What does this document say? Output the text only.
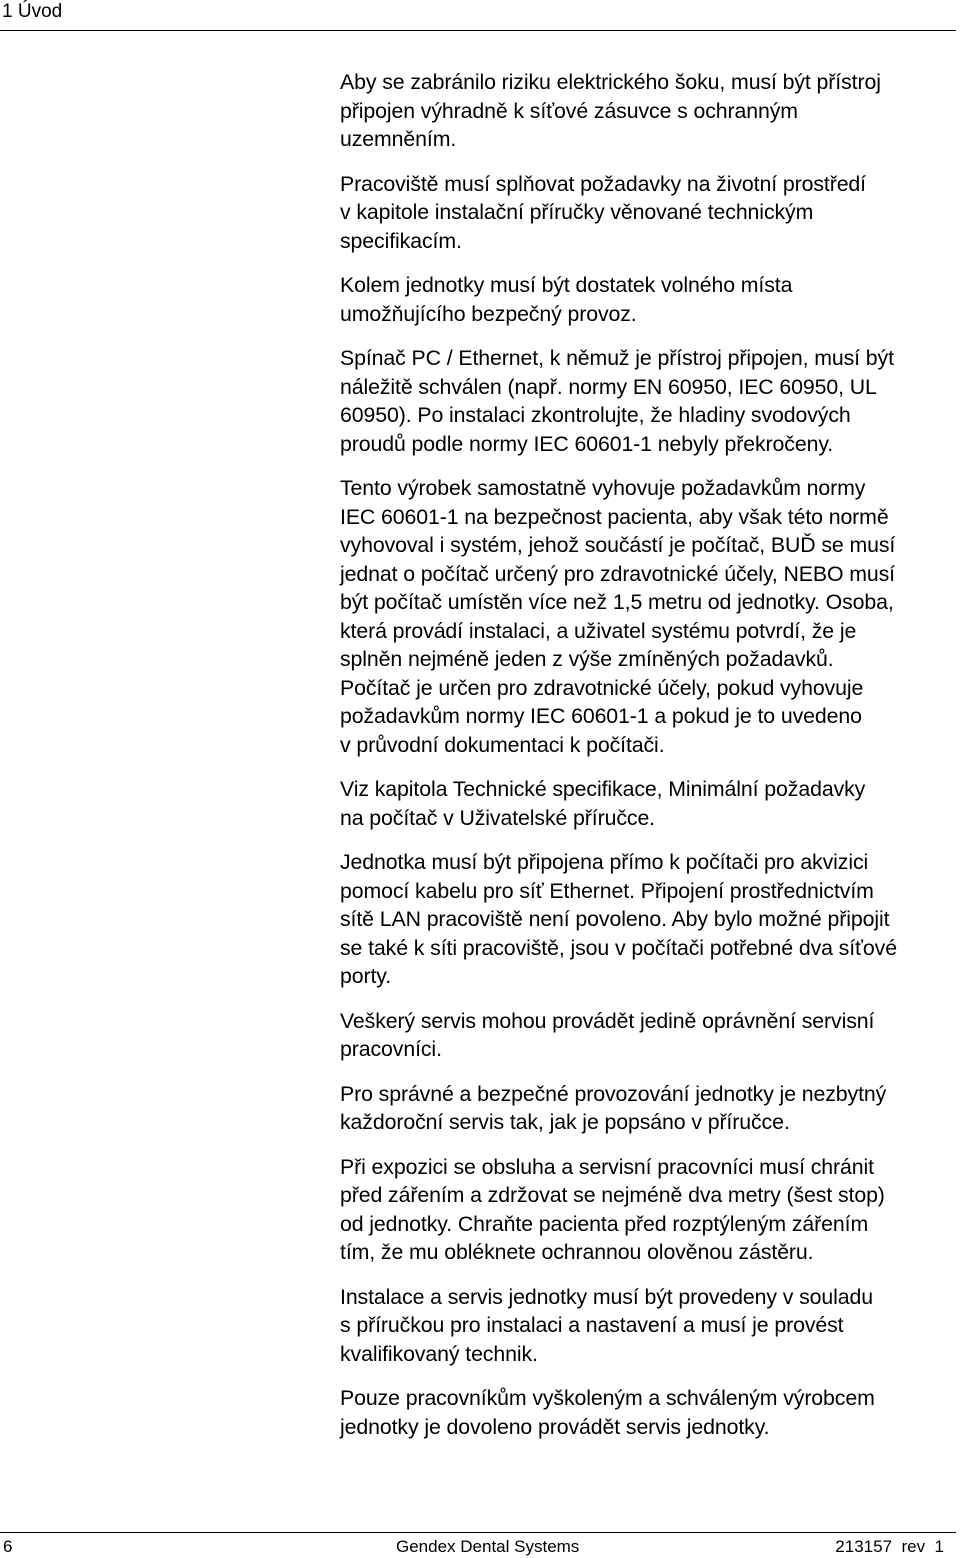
1 Úvod

Aby se zabránilo riziku elektrického šoku, musí být přístroj
připojen výhradně k síťové zásuvce s ochranným
uzemněním.

Pracoviště musí splňovat požadavky na životní prostředí
v kapitole instalační příručky věnované technickým
specifikacím.

Kolem jednotky musí být dostatek volného místa
umožňujícího bezpečný provoz.

Spínač PC / Ethernet, k němuž je přístroj připojen, musí být
náležitě schválen (např. normy EN 60950, IEC 60950, UL
60950). Po instalaci zkontrolujte, že hladiny svodových
proudů podle normy IEC 60601-1 nebyly překročeny.

Tento výrobek samostatně vyhovuje požadavkům normy
IEC 60601-1 na bezpečnost pacienta, aby však této normě
vyhovoval i systém, jehož součástí je počítač, BUĎ se musí
jednat o počítač určený pro zdravotnické účely, NEBO musí
být počítač umístěn více než 1,5 metru od jednotky. Osoba,
která provádí instalaci, a uživatel systému potvrdí, že je
splněn nejméně jeden z výše zmíněných požadavků.
Počítač je určen pro zdravotnické účely, pokud vyhovuje
požadavkům normy IEC 60601-1 a pokud je to uvedeno
v průvodní dokumentaci k počítači.

Viz kapitola Technické specifikace, Minimální požadavky
na počítač v Uživatelské příručce.

Jednotka musí být připojena přímo k počítači pro akvizici
pomocí kabelu pro síť Ethernet. Připojení prostřednictvím
sítě LAN pracoviště není povoleno. Aby bylo možné připojit
se také k síti pracoviště, jsou v počítači potřebné dva síťové
porty.

Veškerý servis mohou provádět jedině oprávnění servisní
pracovníci.

Pro správné a bezpečné provozování jednotky je nezbytný
každoroční servis tak, jak je popsáno v příručce.

Při expozici se obsluha a servisní pracovníci musí chránit
před zářením a zdržovat se nejméně dva metry (šest stop)
od jednotky. Chraňte pacienta před rozptýleným zářením
tím, že mu obléknete ochrannou olověnou zástěru.

Instalace a servis jednotky musí být provedeny v souladu
s příručkou pro instalaci a nastavení a musí je provést
kvalifikovaný technik.

Pouze pracovníkům vyškoleným a schváleným výrobcem
jednotky je dovoleno provádět servis jednotky.

6	Gendex Dental Systems	213157  rev  1
